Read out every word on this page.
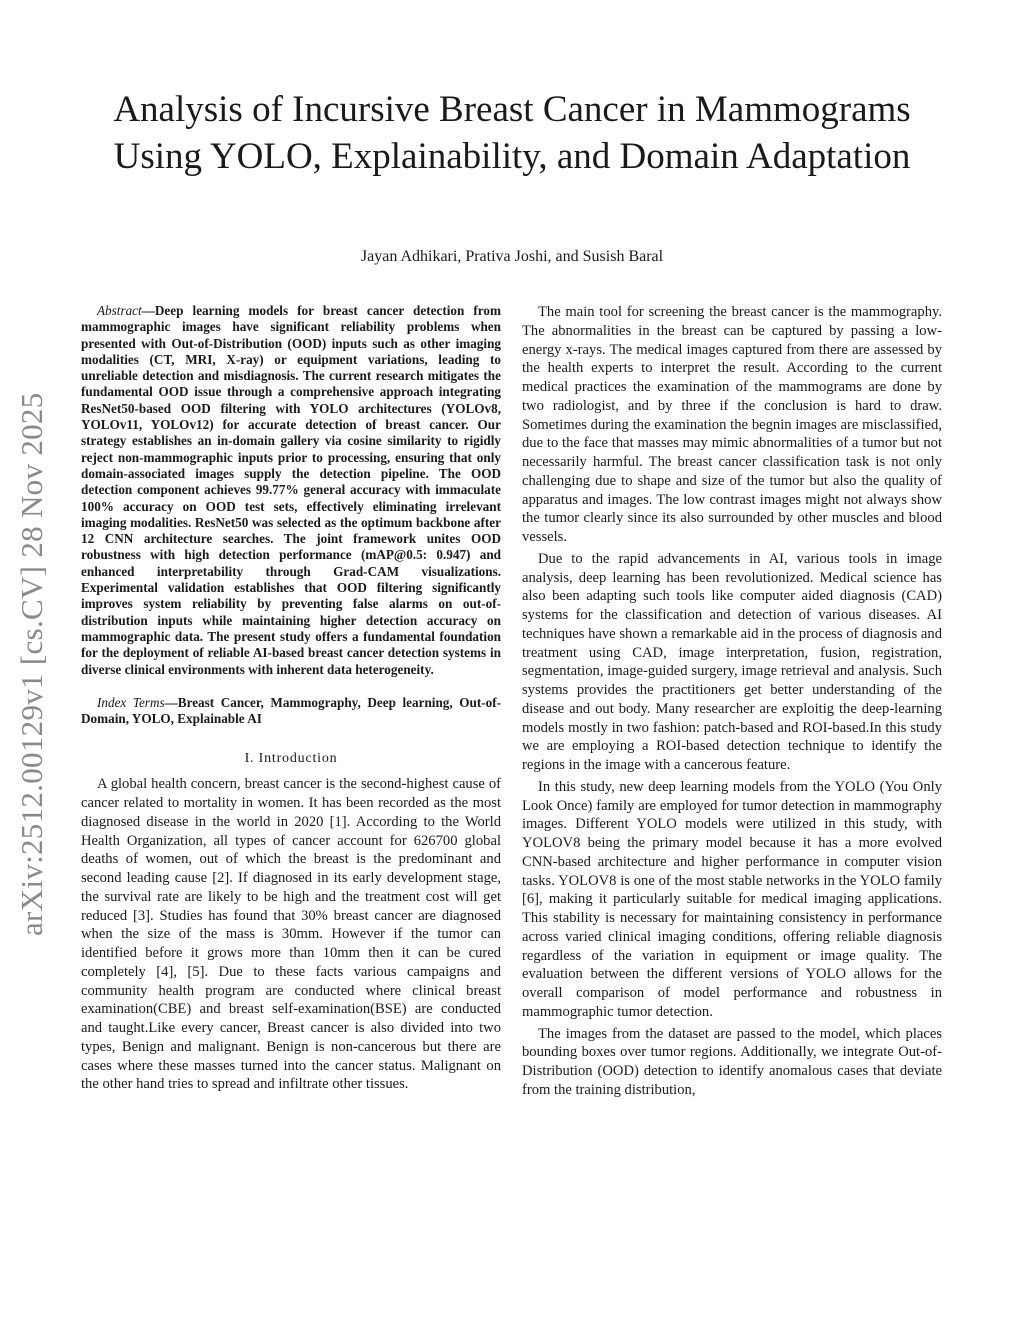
arXiv:2512.00129v1 [cs.CV] 28 Nov 2025
Analysis of Incursive Breast Cancer in Mammograms Using YOLO, Explainability, and Domain Adaptation

Jayan Adhikari, Prativa Joshi, and Susish Baral

Abstract—Deep learning models for breast cancer detection from mammographic images have significant reliability problems when presented with Out-of-Distribution (OOD) inputs such as other imaging modalities (CT, MRI, X-ray) or equipment variations, leading to unreliable detection and misdiagnosis. The current research mitigates the fundamental OOD issue through a comprehensive approach integrating ResNet50-based OOD filtering with YOLO architectures (YOLOv8, YOLOv11, YOLOv12) for accurate detection of breast cancer. Our strategy establishes an in-domain gallery via cosine similarity to rigidly reject non-mammographic inputs prior to processing, ensuring that only domain-associated images supply the detection pipeline. The OOD detection component achieves 99.77% general accuracy with immaculate 100% accuracy on OOD test sets, effectively eliminating irrelevant imaging modalities. ResNet50 was selected as the optimum backbone after 12 CNN architecture searches. The joint framework unites OOD robustness with high detection performance (mAP@0.5: 0.947) and enhanced interpretability through Grad-CAM visualizations. Experimental validation establishes that OOD filtering significantly improves system reliability by preventing false alarms on out-of-distribution inputs while maintaining higher detection accuracy on mammographic data. The present study offers a fundamental foundation for the deployment of reliable AI-based breast cancer detection systems in diverse clinical environments with inherent data heterogeneity.

Index Terms—Breast Cancer, Mammography, Deep learning, Out-of-Domain, YOLO, Explainable AI

I. Introduction

A global health concern, breast cancer is the second-highest cause of cancer related to mortality in women. It has been recorded as the most diagnosed disease in the world in 2020 [1]. According to the World Health Organization, all types of cancer account for 626700 global deaths of women, out of which the breast is the predominant and second leading cause [2]. If diagnosed in its early development stage, the survival rate are likely to be high and the treatment cost will get reduced [3]. Studies has found that 30% breast cancer are diagnosed when the size of the mass is 30mm. However if the tumor can identified before it grows more than 10mm then it can be cured completely [4], [5]. Due to these facts various campaigns and community health program are conducted where clinical breast examination(CBE) and breast self-examination(BSE) are conducted and taught.Like every cancer, Breast cancer is also divided into two types, Benign and malignant. Benign is non-cancerous but there are cases where these masses turned into the cancer status. Malignant on the other hand tries to spread and infiltrate other tissues.

The main tool for screening the breast cancer is the mammography. The abnormalities in the breast can be captured by passing a low-energy x-rays. The medical images captured from there are assessed by the health experts to interpret the result. According to the current medical practices the examination of the mammograms are done by two radiologist, and by three if the conclusion is hard to draw. Sometimes during the examination the begnin images are misclassified, due to the face that masses may mimic abnormalities of a tumor but not necessarily harmful. The breast cancer classification task is not only challenging due to shape and size of the tumor but also the quality of apparatus and images. The low contrast images might not always show the tumor clearly since its also surrounded by other muscles and blood vessels.

Due to the rapid advancements in AI, various tools in image analysis, deep learning has been revolutionized. Medical science has also been adapting such tools like computer aided diagnosis (CAD) systems for the classification and detection of various diseases. AI techniques have shown a remarkable aid in the process of diagnosis and treatment using CAD, image interpretation, fusion, registration, segmentation, image-guided surgery, image retrieval and analysis. Such systems provides the practitioners get better understanding of the disease and out body. Many researcher are exploitig the deep-learning models mostly in two fashion: patch-based and ROI-based.In this study we are employing a ROI-based detection technique to identify the regions in the image with a cancerous feature.

In this study, new deep learning models from the YOLO (You Only Look Once) family are employed for tumor detection in mammography images. Different YOLO models were utilized in this study, with YOLOV8 being the primary model because it has a more evolved CNN-based architecture and higher performance in computer vision tasks. YOLOV8 is one of the most stable networks in the YOLO family [6], making it particularly suitable for medical imaging applications. This stability is necessary for maintaining consistency in performance across varied clinical imaging conditions, offering reliable diagnosis regardless of the variation in equipment or image quality. The evaluation between the different versions of YOLO allows for the overall comparison of model performance and robustness in mammographic tumor detection.

The images from the dataset are passed to the model, which places bounding boxes over tumor regions. Additionally, we integrate Out-of-Distribution (OOD) detection to identify anomalous cases that deviate from the training distribution,
